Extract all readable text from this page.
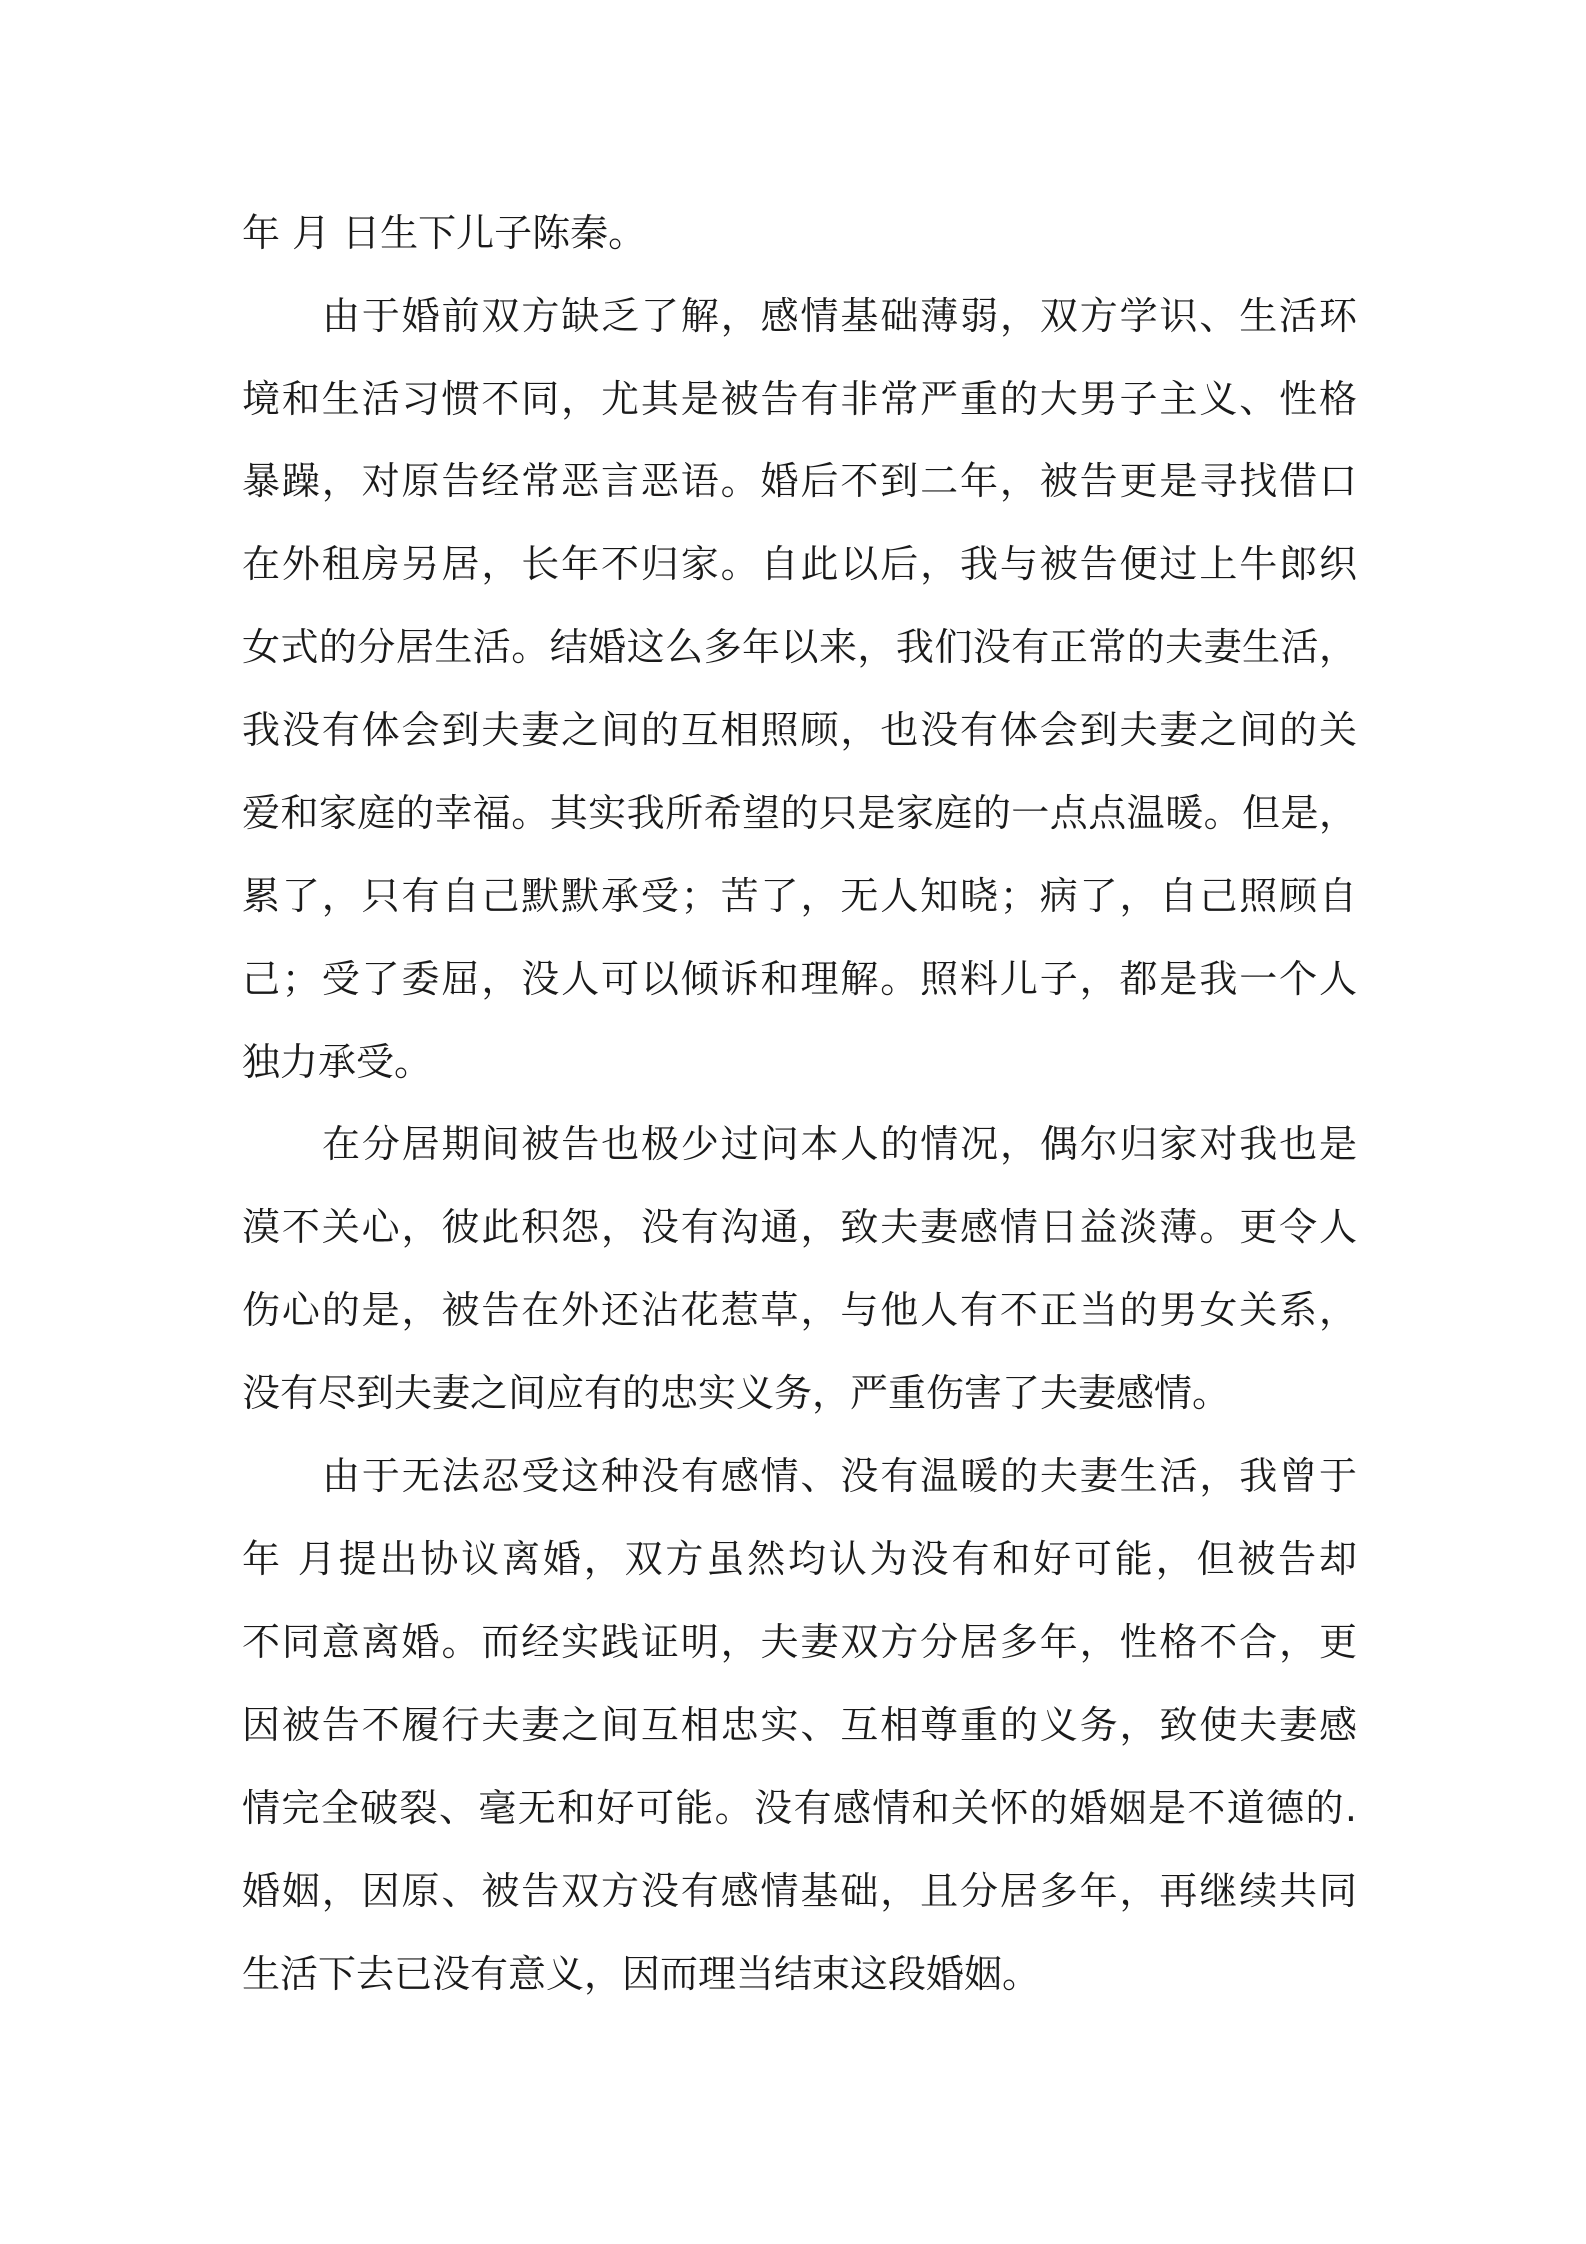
年 月 日生下儿子陈秦。
由于婚前双方缺乏了解，感情基础薄弱，双方学识、生活环
境和生活习惯不同，尤其是被告有非常严重的大男子主义、性格
暴躁，对原告经常恶言恶语。婚后不到二年，被告更是寻找借口
在外租房另居，长年不归家。自此以后，我与被告便过上牛郎织
女式的分居生活。结婚这么多年以来，我们没有正常的夫妻生活，
我没有体会到夫妻之间的互相照顾，也没有体会到夫妻之间的关
爱和家庭的幸福。其实我所希望的只是家庭的一点点温暖。但是，
累了，只有自己默默承受；苦了，无人知晓；病了，自己照顾自
己；受了委屈，没人可以倾诉和理解。照料儿子，都是我一个人
独力承受。
在分居期间被告也极少过问本人的情况，偶尔归家对我也是
漠不关心，彼此积怨，没有沟通，致夫妻感情日益淡薄。更令人
伤心的是，被告在外还沾花惹草，与他人有不正当的男女关系，
没有尽到夫妻之间应有的忠实义务，严重伤害了夫妻感情。
由于无法忍受这种没有感情、没有温暖的夫妻生活，我曾于
年 月提出协议离婚，双方虽然均认为没有和好可能，但被告却
不同意离婚。而经实践证明，夫妻双方分居多年，性格不合，更
因被告不履行夫妻之间互相忠实、互相尊重的义务，致使夫妻感
情完全破裂、毫无和好可能。没有感情和关怀的婚姻是不道德的.
婚姻，因原、被告双方没有感情基础，且分居多年，再继续共同
生活下去已没有意义，因而理当结束这段婚姻。
